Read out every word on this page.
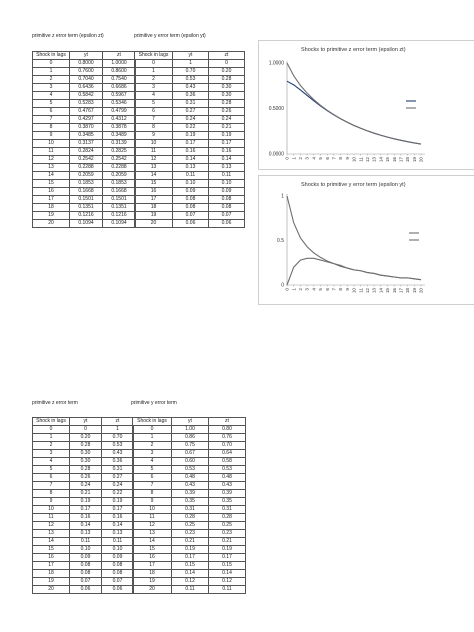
primitive z error term (epsilon zt)	primitive y error term (epsilon yt)
Shock in lags	yt	zt
0	0.8000	1.0000
1	0.7600	0.8600
2	0.7040	0.7540
3	0.6436	0.6686
4	0.5842	0.5967
5	0.5283	0.5346
6	0.4767	0.4799
7	0.4297	0.4312
8	0.3870	0.3878
9	0.3485	0.3489
10	0.3137	0.3139
11	0.2824	0.2825
12	0.2542	0.2542
13	0.2288	0.2288
14	0.2059	0.2059
15	0.1853	0.1853
16	0.1668	0.1668
17	0.1501	0.1501
18	0.1351	0.1351
19	0.1216	0.1216
20	0.1094	0.1094
Shock in lags	yt	zt
0	1	0
1	0.70	0.20
2	0.53	0.28
3	0.43	0.30
4	0.36	0.30
5	0.31	0.28
6	0.27	0.26
7	0.24	0.24
8	0.22	0.21
9	0.19	0.19
10	0.17	0.17
11	0.16	0.16
12	0.14	0.14
13	0.13	0.13
14	0.11	0.11
15	0.10	0.10
16	0.09	0.09
17	0.08	0.08
18	0.08	0.08
19	0.07	0.07
20	0.06	0.06
primitive z error term	primitive y error term
Shock in lags	yt	zt
0	0	1
1	0.20	0.70
2	0.28	0.53
3	0.30	0.43
4	0.30	0.36
5	0.28	0.31
6	0.26	0.27
7	0.24	0.24
8	0.21	0.22
9	0.19	0.19
10	0.17	0.17
11	0.16	0.16
12	0.14	0.14
13	0.13	0.13
14	0.11	0.11
15	0.10	0.10
16	0.09	0.09
17	0.08	0.08
18	0.08	0.08
19	0.07	0.07
20	0.06	0.06
Shock in lags	yt	zt
0	1.00	0.80
1	0.86	0.76
2	0.75	0.70
3	0.67	0.64
4	0.60	0.58
5	0.53	0.53
6	0.48	0.48
7	0.43	0.43
8	0.39	0.39
9	0.35	0.35
10	0.31	0.31
11	0.28	0.28
12	0.25	0.25
13	0.23	0.23
14	0.21	0.21
15	0.19	0.19
16	0.17	0.17
17	0.15	0.15
18	0.14	0.14
19	0.12	0.12
20	0.11	0.11
Shocks to primitive z error term (epsilon zt)
0.0000
0.5000
1.0000
0 1 2 3 4 5 6 7 8 9 10 11 12 13 14 15 16 17 18 19 20
Shocks to primitive y error term (epsilon yt)
0
0.5
1
0 1 2 3 4 5 6 7 8 9 10 11 12 13 14 15 16 17 18 19 20
